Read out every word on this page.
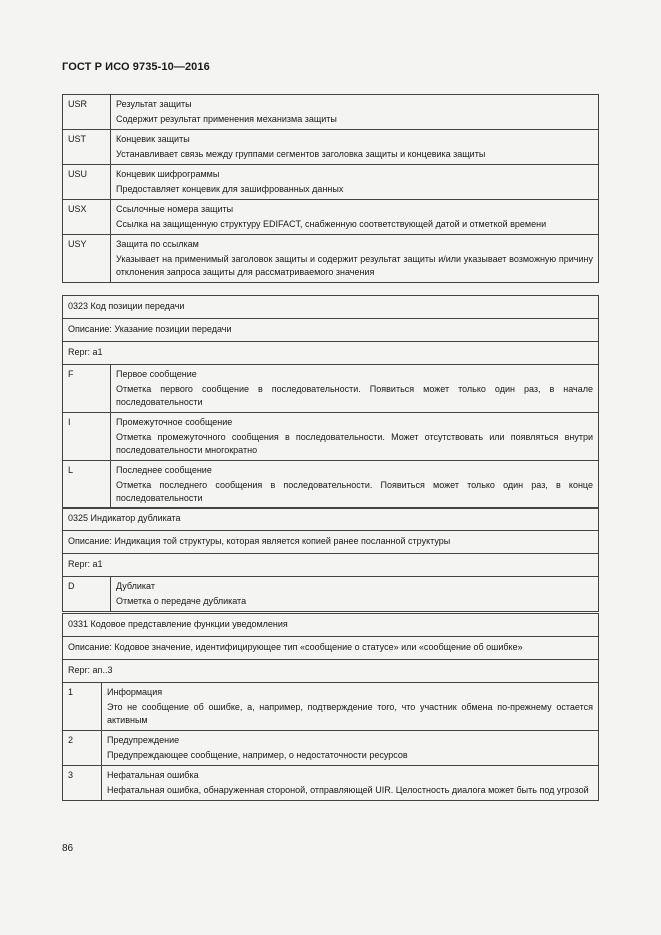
ГОСТ Р ИСО 9735-10—2016
USR	Результат защиты
Содержит результат применения механизма защиты

UST	Концевик защиты
Устанавливает связь между группами сегментов заголовка защиты и концевика защиты

USU	Концевик шифрограммы
Предоставляет концевик для зашифрованных данных

USX	Ссылочные номера защиты
Ссылка на защищенную структуру EDIFACT, снабженную соответствующей датой и отметкой времени

USY	Защита по ссылкам
Указывает на применимый заголовок защиты и содержит результат защиты и/или указывает возможную причину отклонения запроса защиты для рассматриваемого значения
0323 Код позиции передачи	
Описание: Указание позиции передачи	
Repr: a1	
F	Первое сообщение
Отметка первого сообщение в последовательности. Появиться может только один раз, в начале последовательности

I	Промежуточное сообщение
Отметка промежуточного сообщения в последовательности. Может отсутствовать или появляться внутри последовательности многократно

L	Последнее сообщение
Отметка последнего сообщения в последовательности. Появиться может только один раз, в конце последовательности
0325 Индикатор дубликата
Описание: Индикация той структуры, которая является копией ранее посланной структуры
Repr: a1
D	Дубликат
Отметка о передаче дубликата
0331 Кодовое представление функции уведомления	
Описание: Кодовое значение, идентифицирующее тип «сообщение о статусе» или «сообщение об ошибке»	
Repr: an..3	
1	Информация
Это не сообщение об ошибке, а, например, подтверждение того, что участник обмена по-прежнему остается активным

2	Предупреждение
Предупреждающее сообщение, например, о недостаточности ресурсов

3	Нефатальная ошибка
Нефатальная ошибка, обнаруженная стороной, отправляющей UIR. Целостность диалога может быть под угрозой
86
